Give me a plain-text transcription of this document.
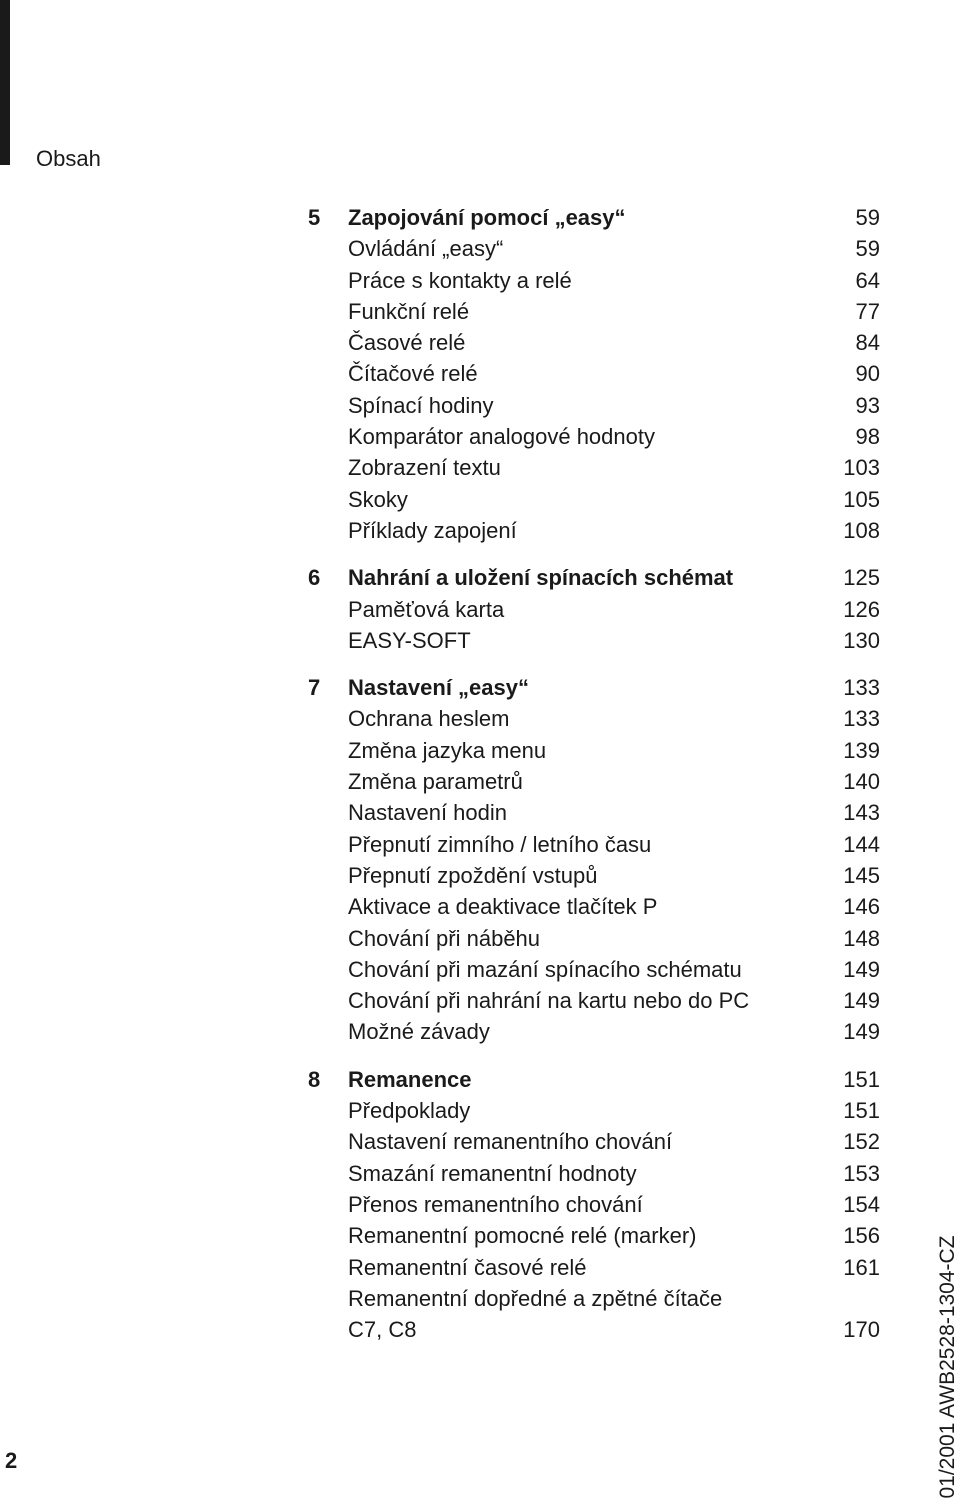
Obsah
5 Zapojování pomocí „easy“	59
Ovládání „easy“	59
Práce s kontakty a relé	64
Funkční relé	77
Časové relé	84
Čítačové relé	90
Spínací hodiny	93
Komparátor analogové hodnoty	98
Zobrazení textu	103
Skoky	105
Příklady zapojení	108
6 Nahrání a uložení spínacích schémat	125
Paměťová karta	126
EASY-SOFT	130
7 Nastavení „easy“	133
Ochrana heslem	133
Změna jazyka menu	139
Změna parametrů	140
Nastavení hodin	143
Přepnutí zimního / letního času	144
Přepnutí zpoždění vstupů	145
Aktivace a deaktivace tlačítek P	146
Chování při náběhu	148
Chování při mazání spínacího schématu	149
Chování při nahrání na kartu nebo do PC	149
Možné závady	149
8 Remanence	151
Předpoklady	151
Nastavení remanentního chování	152
Smazání remanentní hodnoty	153
Přenos remanentního chování	154
Remanentní pomocné relé (marker)	156
Remanentní časové relé	161
Remanentní dopředné a zpětné čítače
C7, C8	170
2	01/2001 AWB2528-1304-CZ
